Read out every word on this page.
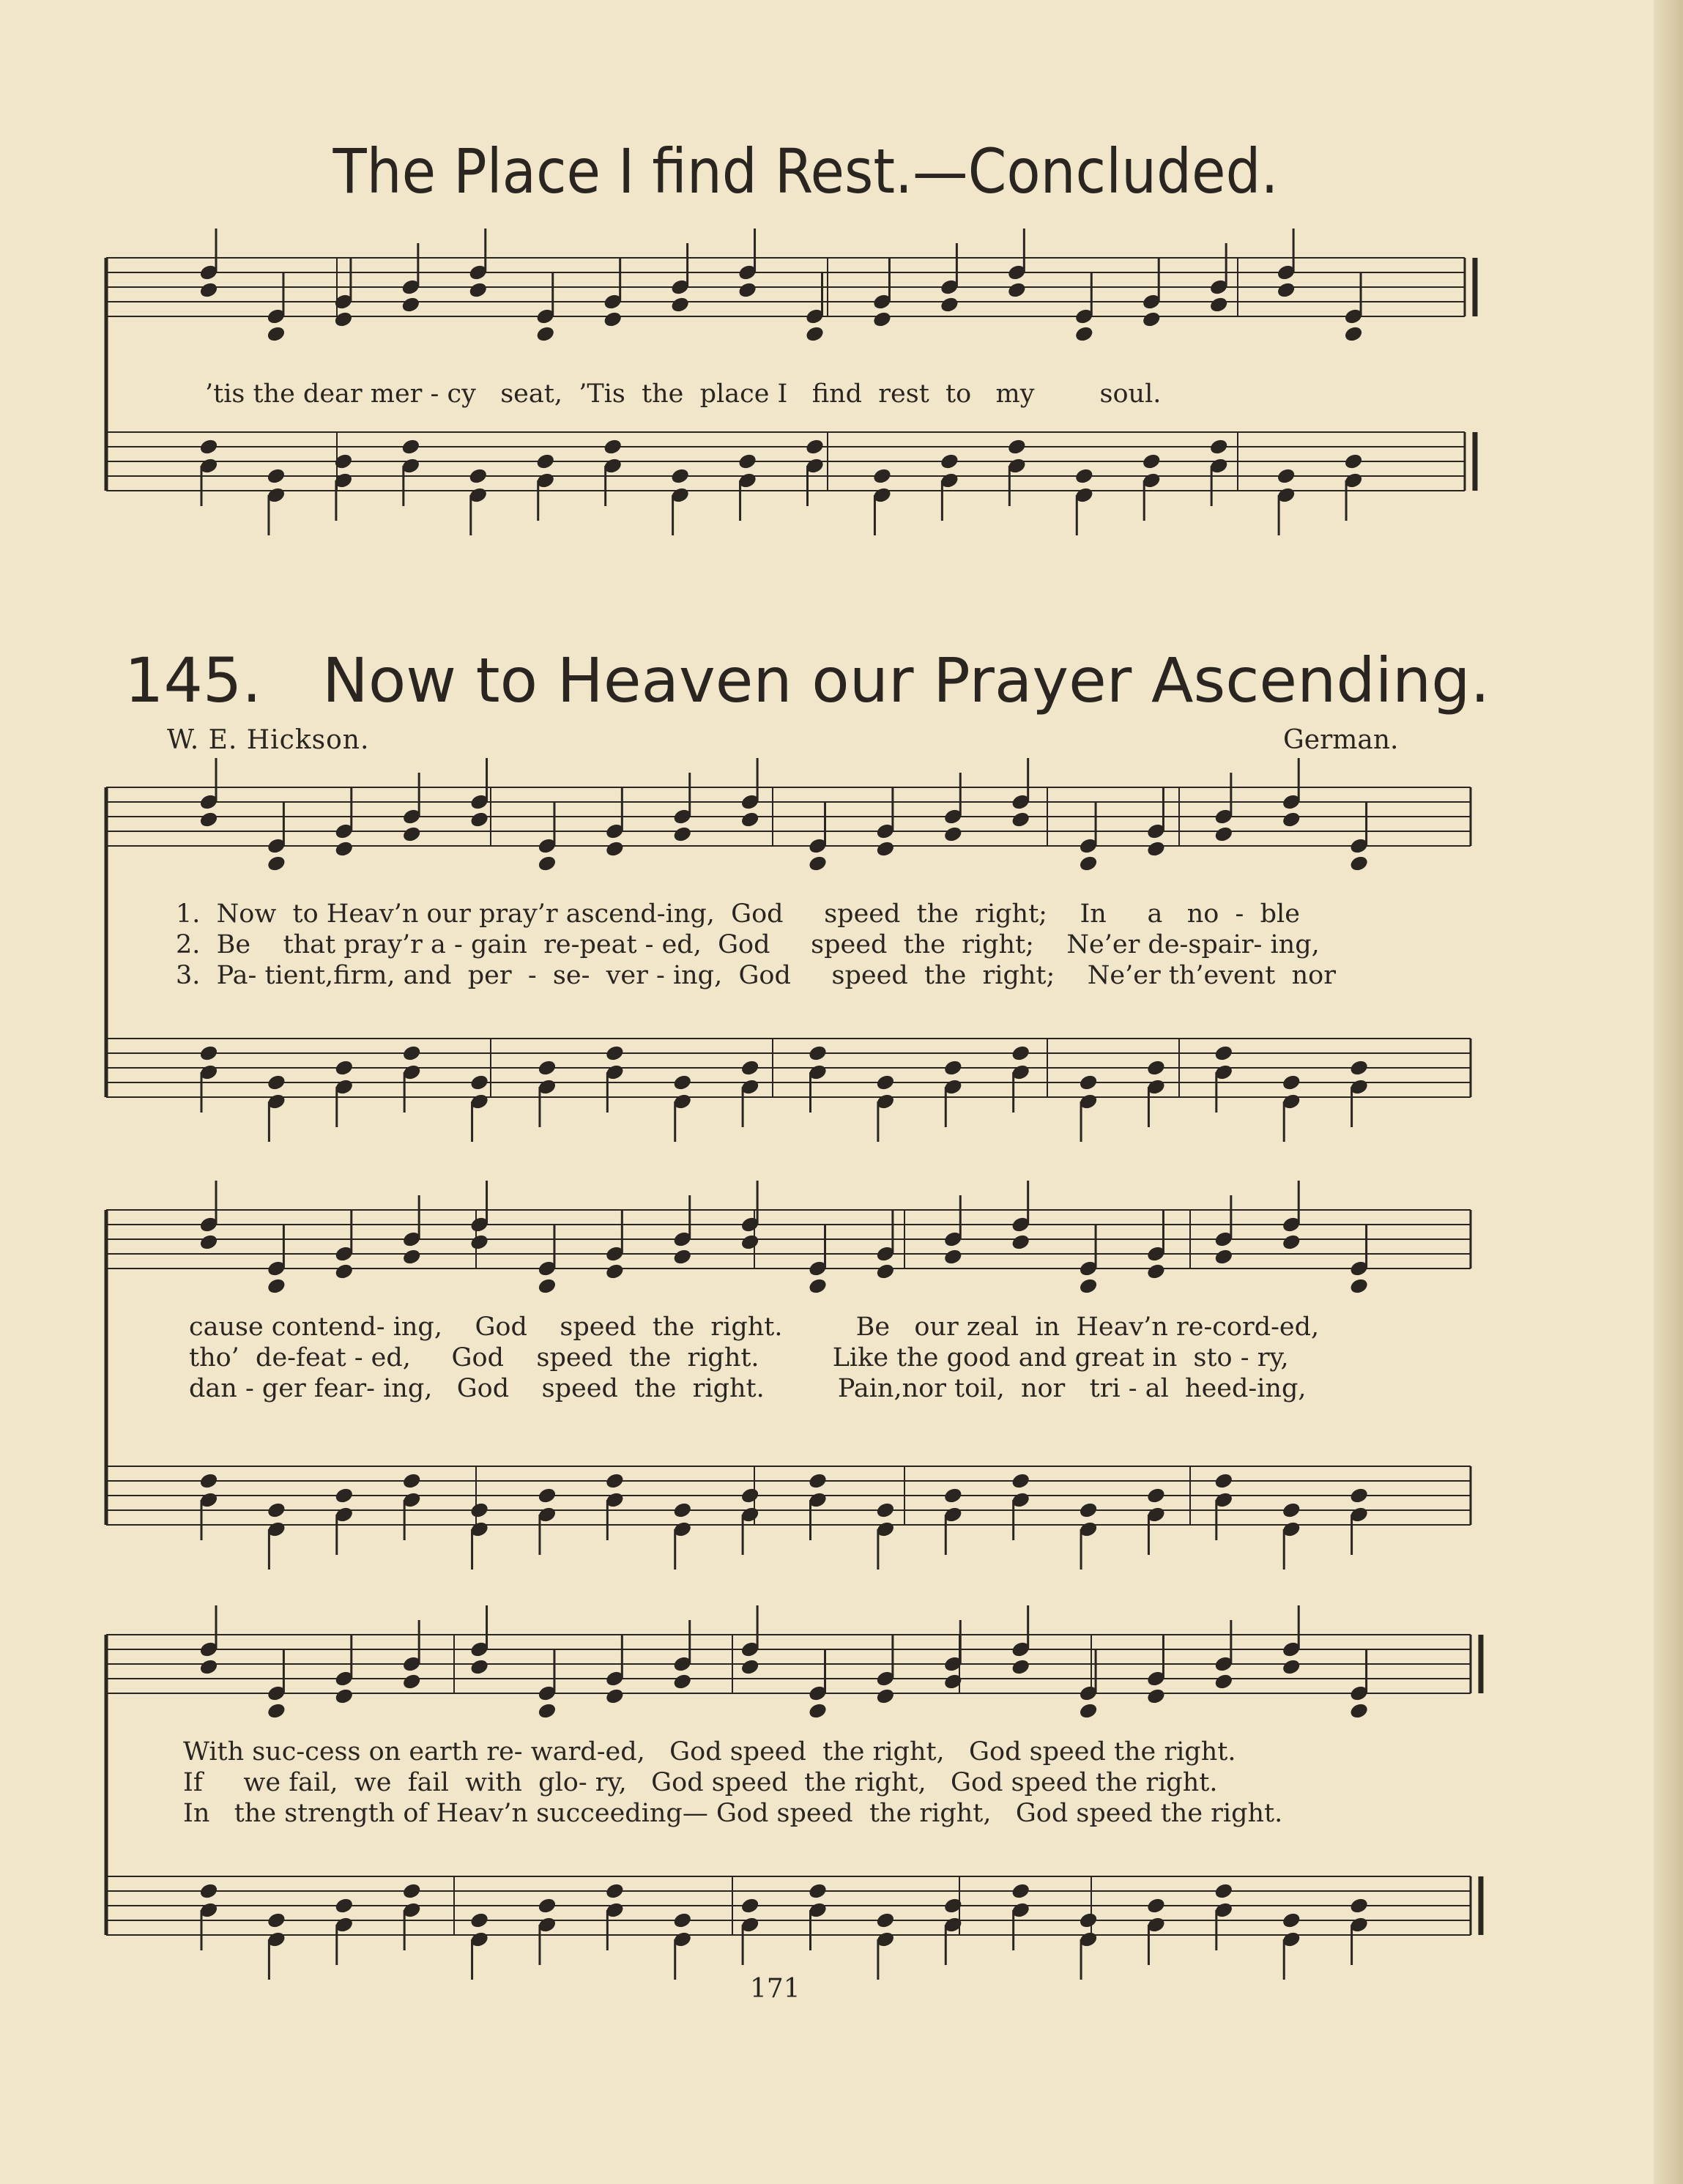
The Place I find Rest.—Concluded.
’tis the dear mer - cy   seat,  ’Tis  the  place I   find  rest  to   my        soul.
145. Now to Heaven our Prayer Ascending.
W. E. Hickson.	German.
1.  Now  to Heav’n our pray’r ascend-ing,  God     speed  the  right;    In     a   no  -  ble
2.  Be    that pray’r a - gain  re-peat - ed,  God     speed  the  right;    Ne’er de-spair- ing,
3.  Pa- tient,firm, and  per  -  se-  ver - ing,  God     speed  the  right;    Ne’er th’event  nor
cause contend- ing,    God    speed  the  right.         Be   our zeal  in  Heav’n re-cord-ed,
tho’  de-feat - ed,     God    speed  the  right.         Like the good and great in  sto - ry,
dan - ger fear- ing,   God    speed  the  right.         Pain,nor toil,  nor   tri - al  heed-ing,
With suc-cess on earth re- ward-ed,   God speed  the right,   God speed the right.
If     we fail,  we  fail  with  glo- ry,   God speed  the right,   God speed the right.
In   the strength of Heav’n succeeding— God speed  the right,   God speed the right.
171
